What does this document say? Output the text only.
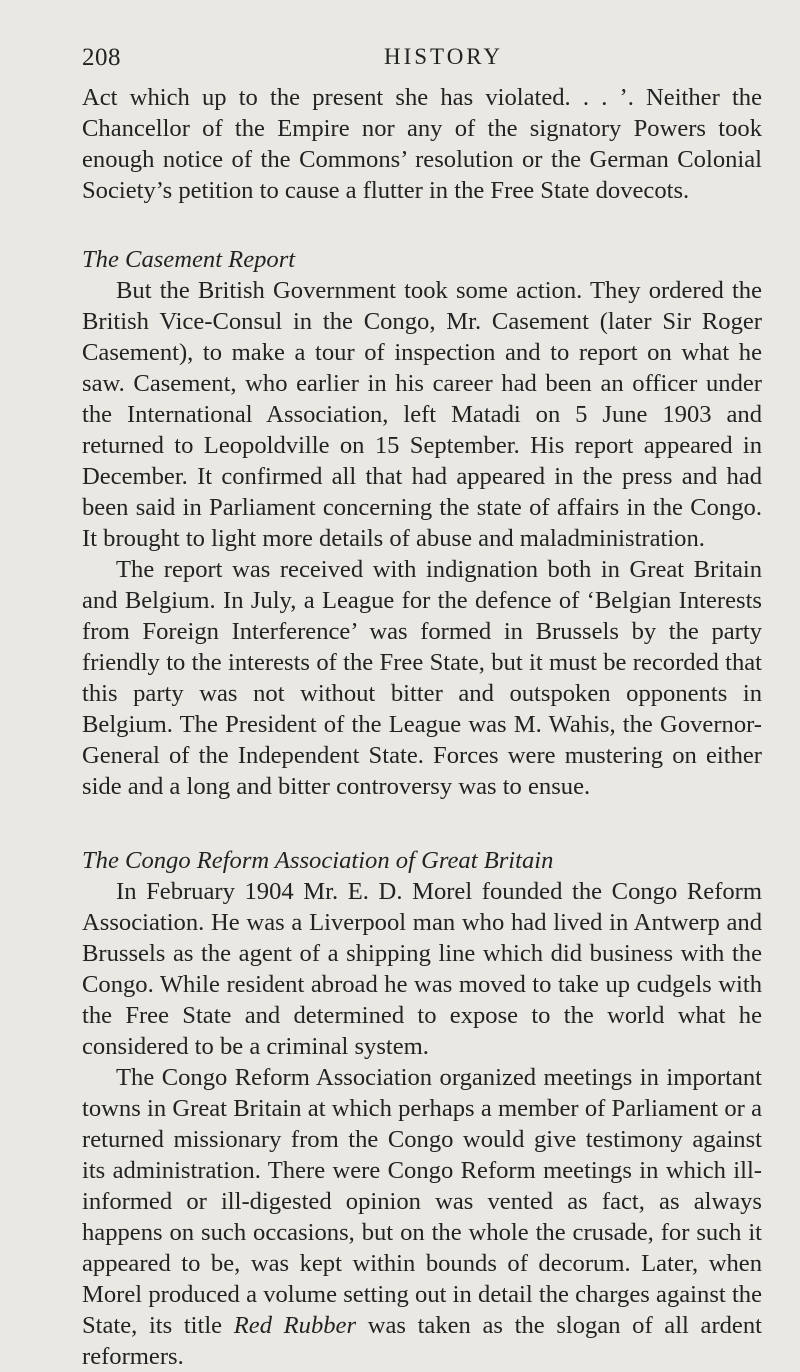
208	HISTORY

Act which up to the present she has violated. . . ’. Neither the Chancellor of the Empire nor any of the signatory Powers took enough notice of the Commons’ resolution or the German Colonial Society’s petition to cause a flutter in the Free State dovecots.

The Casement Report

But the British Government took some action. They ordered the British Vice-Consul in the Congo, Mr. Casement (later Sir Roger Casement), to make a tour of inspection and to report on what he saw. Casement, who earlier in his career had been an officer under the International Association, left Matadi on 5 June 1903 and returned to Leopoldville on 15 September. His report appeared in December. It confirmed all that had appeared in the press and had been said in Parliament concerning the state of affairs in the Congo. It brought to light more details of abuse and maladministration.

The report was received with indignation both in Great Britain and Belgium. In July, a League for the defence of ‘Belgian Interests from Foreign Interference’ was formed in Brussels by the party friendly to the interests of the Free State, but it must be recorded that this party was not without bitter and outspoken opponents in Belgium. The President of the League was M. Wahis, the Governor-General of the Independent State. Forces were mustering on either side and a long and bitter controversy was to ensue.

The Congo Reform Association of Great Britain

In February 1904 Mr. E. D. Morel founded the Congo Reform Association. He was a Liverpool man who had lived in Antwerp and Brussels as the agent of a shipping line which did business with the Congo. While resident abroad he was moved to take up cudgels with the Free State and determined to expose to the world what he considered to be a criminal system.

The Congo Reform Association organized meetings in important towns in Great Britain at which perhaps a member of Parliament or a returned missionary from the Congo would give testimony against its administration. There were Congo Reform meetings in which ill-informed or ill-digested opinion was vented as fact, as always happens on such occasions, but on the whole the crusade, for such it appeared to be, was kept within bounds of decorum. Later, when Morel produced a volume setting out in detail the charges against the State, its title Red Rubber was taken as the slogan of all ardent reformers.
